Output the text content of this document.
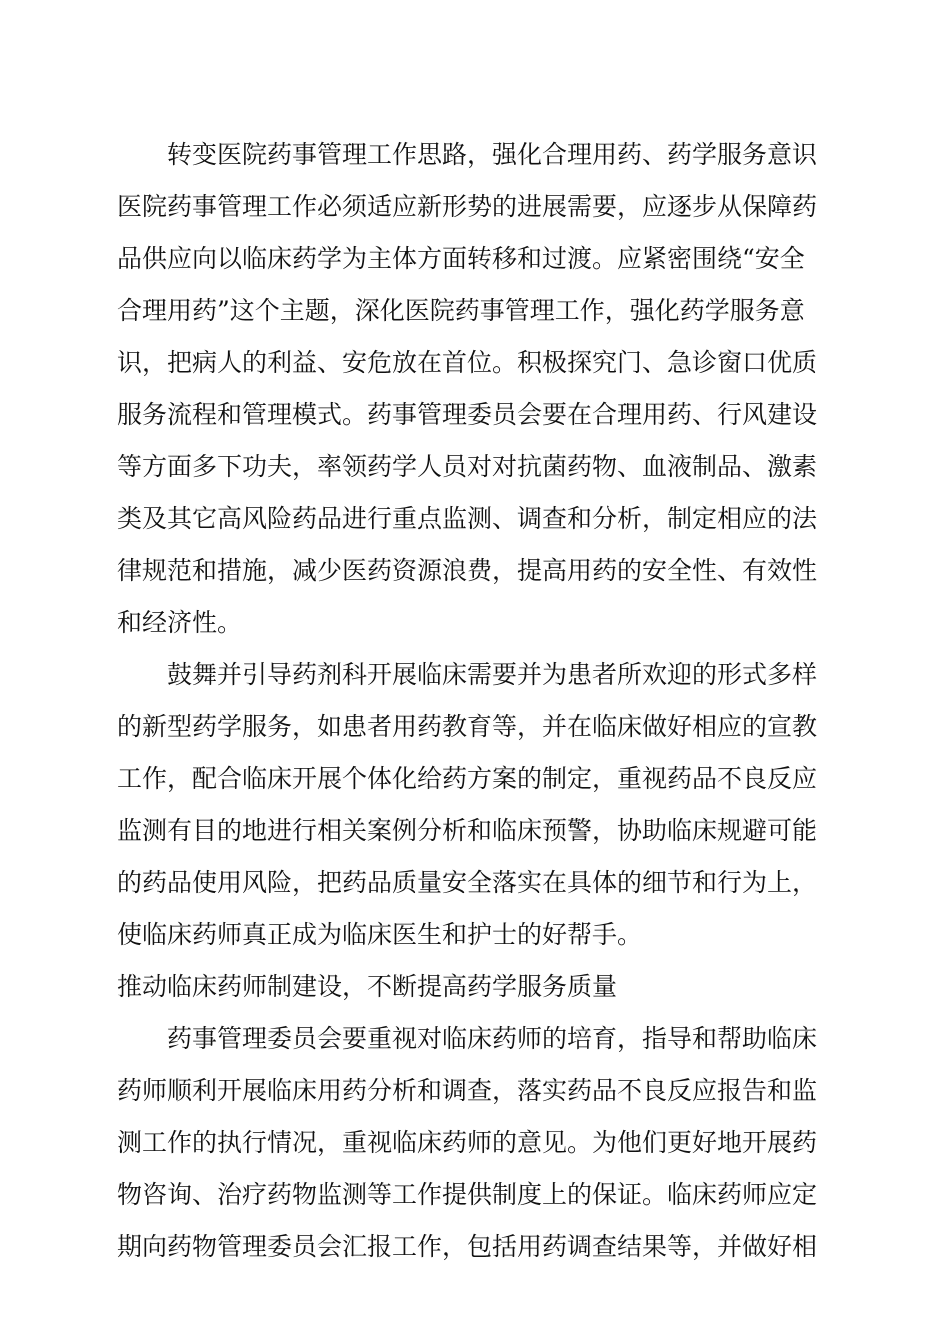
转变医院药事管理工作思路，强化合理用药、药学服务意识
医院药事管理工作必须适应新形势的进展需要，应逐步从保障药
品供应向以临床药学为主体方面转移和过渡。应紧密围绕“安全
合理用药”这个主题，深化医院药事管理工作，强化药学服务意
识，把病人的利益、安危放在首位。积极探究门、急诊窗口优质
服务流程和管理模式。药事管理委员会要在合理用药、行风建设
等方面多下功夫，率领药学人员对对抗菌药物、血液制品、激素
类及其它高风险药品进行重点监测、调查和分析，制定相应的法
律规范和措施，减少医药资源浪费，提高用药的安全性、有效性
和经济性。
鼓舞并引导药剂科开展临床需要并为患者所欢迎的形式多样
的新型药学服务，如患者用药教育等，并在临床做好相应的宣教
工作，配合临床开展个体化给药方案的制定，重视药品不良反应
监测有目的地进行相关案例分析和临床预警，协助临床规避可能
的药品使用风险，把药品质量安全落实在具体的细节和行为上，
使临床药师真正成为临床医生和护士的好帮手。
推动临床药师制建设，不断提高药学服务质量
药事管理委员会要重视对临床药师的培育，指导和帮助临床
药师顺利开展临床用药分析和调查，落实药品不良反应报告和监
测工作的执行情况，重视临床药师的意见。为他们更好地开展药
物咨询、治疗药物监测等工作提供制度上的保证。临床药师应定
期向药物管理委员会汇报工作，包括用药调查结果等，并做好相
